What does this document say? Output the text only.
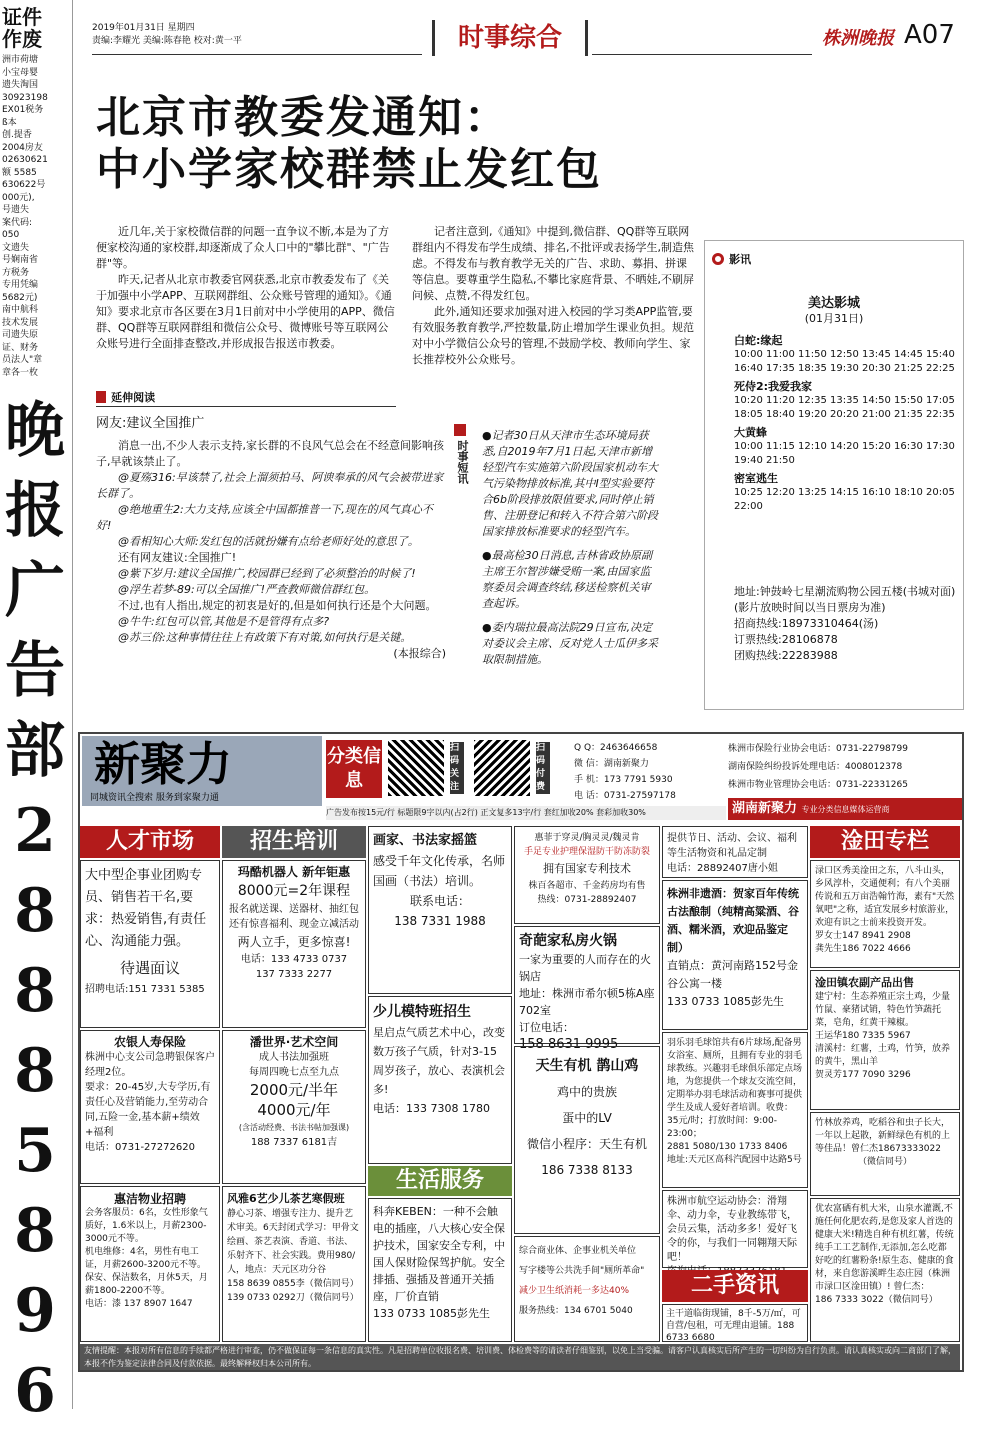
证件
作废
洲市荷塘
小宝母婴
遗失淘国
30923198
EX01税务
ß本
创.提香
2004房友
02630621
额 5585
630622号
000元),
号遗失
案代码:
050
文遗失
号娴南省
方税务
专用凭编
5682元)
南中航科
技术发展
司遗失原
证、财务
员法人"章
章各一枚
晚
报
广
告
部
2
8
8
8
5
8
9
6
2019年01月31日 星期四
责编:李耀光 美编:陈春艳 校对:黄一平	时事综合	株洲晚报 A07
北京市教委发通知：
中小学家校群禁止发红包

近几年,关于家校微信群的问题一直争议不断,本是为了方便家校沟通的家校群,却逐渐成了众人口中的"攀比群"、"广告群"等。

昨天,记者从北京市教委官网获悉,北京市教委发布了《关于加强中小学APP、互联网群组、公众账号管理的通知》。《通知》要求北京市各区要在3月1日前对中小学使用的APP、微信群、QQ群等互联网群组和微信公众号、微博账号等互联网公众账号进行全面排查整改,并形成报告报送市教委。

记者注意到,《通知》中提到,微信群、QQ群等互联网群组内不得发布学生成绩、排名,不批评或表扬学生,制造焦虑。不得发布与教育教学无关的广告、求助、募捐、拼课等信息。要尊重学生隐私,不攀比家庭背景、不晒娃,不刷屏问候、点赞,不得发红包。

此外,通知还要求加强对进入校园的学习类APP监管,要有效服务教育教学,严控数量,防止增加学生课业负担。规范对中小学微信公众号的管理,不鼓励学校、教师向学生、家长推荐校外公众账号。

延伸阅读
网友:建议全国推广

消息一出,不少人表示支持,家长群的不良风气总会在不经意间影响孩子,早就该禁止了。

@夏殇316:早该禁了,社会上溜须拍马、阿谀奉承的风气会被带进家长群了。

@绝地重生2:大力支持,应该全中国都推普一下,现在的风气真心不好!

@看相知心大师:发红包的活就扮嫌有点给老师好处的意思了。

还有网友建议:全国推广!

@紫下岁月:建议全国推广,校园群已经到了必须整治的时候了!

@浮生若梦-89:可以全国推广!严查教师微信群红包。

不过,也有人指出,规定的初衷是好的,但是如何执行还是个大问题。

@牛牛:红包可以管,其他是不是管得有点多?

@苏三俗:这种事情往往上有政策下有对策,如何执行是关键。

(本报综合)
时事短讯

●记者30日从天津市生态环境局获悉,自2019年7月1日起,天津市新增轻型汽车实施第六阶段国家机动车大气污染物排放标准,其中I型实验要符合6b阶段排放限值要求,同时停止销售、注册登记和转入不符合第六阶段国家排放标准要求的轻型汽车。

●最高检30日消息,吉林省政协原副主席王尔智涉嫌受贿一案,由国家监察委员会调查终结,移送检察机关审查起诉。

●委内瑞拉最高法院29日宣布,决定对委议会主席、反对党人士瓜伊多采取限制措施。

影讯
美达影城
(01月31日)
白蛇:缘起
10:00 11:00 11:50 12:50 13:45 14:45 15:40 16:40 17:35 18:35 19:30 20:30 21:25 22:25
死侍2:我爱我家
10:20 11:20 12:35 13:35 14:50 15:50 17:05 18:05 18:40 19:20 20:20 21:00 21:35 22:35
大黄蜂
10:00 11:15 12:10 14:20 15:20 16:30 17:30 19:40 21:50
密室逃生
10:25 12:20 13:25 14:15 16:10 18:10 20:05 22:00
地址:钟鼓岭七星潮流购物公园五楼(书城对面)
(影片放映时间以当日票房为准)
招商热线:18973310464(汤)
订票热线:28106878
团购热线:22283988
新聚力
同城资讯全搜索 服务到家聚力通
分类信息
扫码关注
扫码付费
Q Q：2463646658
微 信：湖南新聚力
手 机：173 7791 5930
电 话：0731-27597178
株洲市保险行业协会电话：0731-22798799
湖南保险纠纷投诉处理电话：4008012378
株洲市物业管理协会电话：0731-22331265
广告发布按15元/行 标题限9字以内(占2行) 正文复多13字/行 套红加收20% 套彩加收30%	湖南新聚力 专业分类信息媒体运营商
人才市场

大中型企事业团购专员、销售若干名,要求：热爱销售,有责任心、沟通能力强。

待遇面议

招聘电话:151 7331 5385

农银人寿保险

株洲中心支公司急聘银保客户经理2位。

要求：20-45岁,大专学历,有责任心及营销能力,至劳动合同,五险一金,基本薪+绩效+福利

电话：0731-27272620

惠洁物业招聘

会务客服员：6名，女性形象气质好，1.6米以上，月薪2300-3000元不等。

机电维修：4名，男性有电工证，月薪2600-3200元不等。

保安、保洁数名，月休5天，月薪1800-2200不等。

电话：漆 137 8907 1647

招生培训

玛酷机器人 新年钜惠

8000元=2年课程

报名就送课、送器材、抽红包

还有惊喜福利、现金立减活动

两人立手，更多惊喜!

电话：133 4733 0737

137 7333 2277

潘世界·艺术空间

成人书法加强班

每周四晚七点至九点

2000元/半年

4000元/年

(含活动经费、书法书帖加强课)

188 7337 6181吉

风雅6艺少儿茶艺寒假班

静心习茶、增强专注力、提升艺术审美。6天封闭式学习：甲骨文绘画、茶艺表演、香道、书法、乐射齐下、社会实践。费用980/人，地点：天元区功分谷

158 8639 0855李（微信同号）

139 0733 0292刀（微信同号）

画家、书法家摇篮

感受千年文化传承，名师国画（书法）培训。

联系电话：

138 7331 1988

少儿模特班招生

星启点气质艺术中心，改变数万孩子气质，针对3-15周岁孩子，放心、表演机会多!

电话：133 7308 1780

生活服务

科奔KEBEN：一种不会触电的插座，八大核心安全保护技术，国家安全专利，中国人保财险保驾护航。安全排插、强插及普通开关插座，厂价直销

133 0733 1085彭先生

惠菲于穿灵/胸灵灵/魏灵肯

手足专业护理保湿防干防冻防裂

拥有国家专利技术

株百各超市、千金药房均有售

热线：0731-28892407

奇葩家私房火锅

一家为重要的人而存在的火锅店

地址：株洲市希尔顿5栋A座702室

订位电话：

158 8631 9995

天生有机 鹊山鸡

鸡中的贵族

蛋中的LV

微信小程序：天生有机

186 7338 8133

综合商业体、企事业机关单位

写字楼等公共洗手间"厕所革命"

减少卫生纸消耗一多达40%

服务热线：134 6701 5040

提供节日、活动、会议、福利等生活物资和礼品定制

电话：28892407唐小姐

株洲非遗酒：贺家百年传统古法酿制（纯精高粱酒、谷酒、糯米酒，欢迎品鉴定制）

直销点：黄河南路152号金谷公寓一楼

133 0733 1085彭先生

羽乐羽毛球馆共有6片球场,配备男女浴室、厕所，且拥有专业的羽毛球教练。兴趣羽毛球俱乐部定点场地，为您提供一个球友交流空间，定期举办羽毛球活动和赛事可提供学生及成人爱好者培训。收费：35元/时；打放时间：9:00-23:00；

2881 5080/130 1733 8406

地址:天元区高科汽配园中达路5号

株洲市航空运动协会：滑翔伞、动力伞，专业教练带飞，会员云集，活动多多！爱好飞令的你，与我们一同翱翔天际吧！

二手资讯

主干道临街现铺，8千-5万/㎡，可自营/包租，可无理由退铺。188 6733 6680

淦田专栏

渌口区秀美淦田之东，八斗山头，乡风淳朴，交通便利；有八个美丽传说和五万亩浩翰竹海，素有"天然氧吧"之称，适宜发展乡村旅游业，欢迎有识之士前来投资开发。

罗女士147 8941 2908

龚先生186 7022 4666

淦田镇农副产品出售

建宁村：生态养殖正宗土鸡，少量竹鼠、豪猪试销，特色竹笋蔬托菜，皂角，红黄干辣椒。

王运华180 7335 5967

清溪村：红薯，土鸡，竹笋，放养的黄牛，黑山羊

贺灵芳177 7090 3296

竹林放养鸡，吃稻谷和虫子长大，一年以上起散，新鲜绿色有机的上等佳品！曾仁杰18673333022

（微信同号）

优农富硒有机大米，山泉水灌溉,不施任何化肥农药,是您及家人首选的健康大米!精选自种有机红薯，传统纯手工工艺制作,无添加,怎么吃都好吃的红薯粉条!原生态、健康的食材，来自您游溪畔生态庄园（株洲市渌口区淦田镇）! 曾仁杰：

186 7333 3022（微信同号）

友情提醒：本报对所有信息的手续都严格进行审查，仍不做保证每一条信息的真实性。凡是招聘单位收报名费、培训费、体检费等的请读者仔细鉴别，以免上当受骗。请客户认真核实后所产生的一切纠纷为自行负责。请认真核实或向二商部门了解，本报不作为鉴定法律合同及付款依据。最终解释权归本公司所有。
